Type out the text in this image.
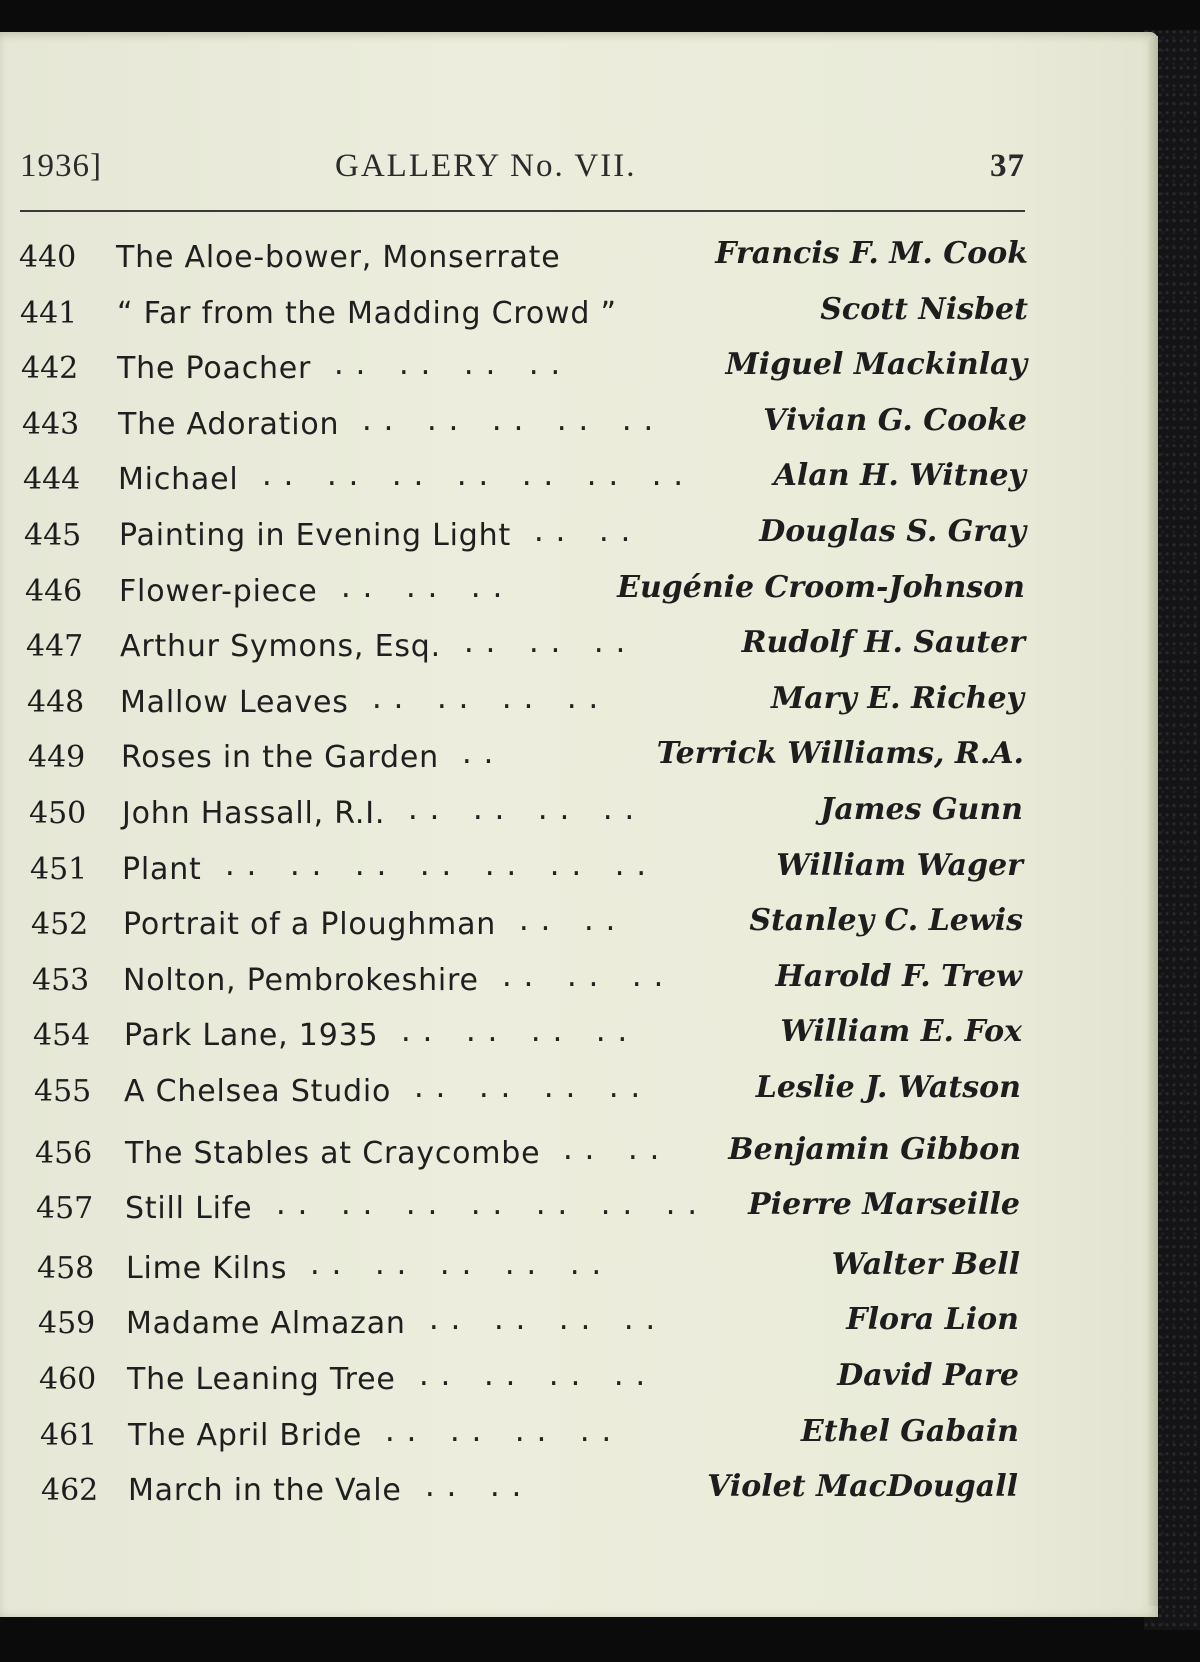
1936]	GALLERY No. VII.	37
440 The Aloe-bower, Monserrate	Francis F. M. Cook
441 “ Far from the Madding Crowd ”	Scott Nisbet
442 The Poacher .. .. .. ..	Miguel Mackinlay
443 The Adoration .. .. .. .. ..	Vivian G. Cooke
444 Michael .. .. .. .. .. .. ..	Alan H. Witney
445 Painting in Evening Light .. ..	Douglas S. Gray
446 Flower-piece .. .. ..	Eugénie Croom-Johnson
447 Arthur Symons, Esq. .. .. ..	Rudolf H. Sauter
448 Mallow Leaves .. .. .. ..	Mary E. Richey
449 Roses in the Garden ..	Terrick Williams, R.A.
450 John Hassall, R.I. .. .. .. ..	James Gunn
451 Plant .. .. .. .. .. .. ..	William Wager
452 Portrait of a Ploughman .. ..	Stanley C. Lewis
453 Nolton, Pembrokeshire .. .. ..	Harold F. Trew
454 Park Lane, 1935 .. .. .. ..	William E. Fox
455 A Chelsea Studio .. .. .. ..	Leslie J. Watson
456 The Stables at Craycombe .. .. Benjamin Gibbon
457 Still Life .. .. .. .. .. .. .. Pierre Marseille
458 Lime Kilns .. .. .. .. ..	Walter Bell
459 Madame Almazan .. .. .. ..	Flora Lion
460 The Leaning Tree .. .. .. ..	David Pare
461 The April Bride .. .. .. ..	Ethel Gabain
462 March in the Vale .. ..	Violet MacDougall
